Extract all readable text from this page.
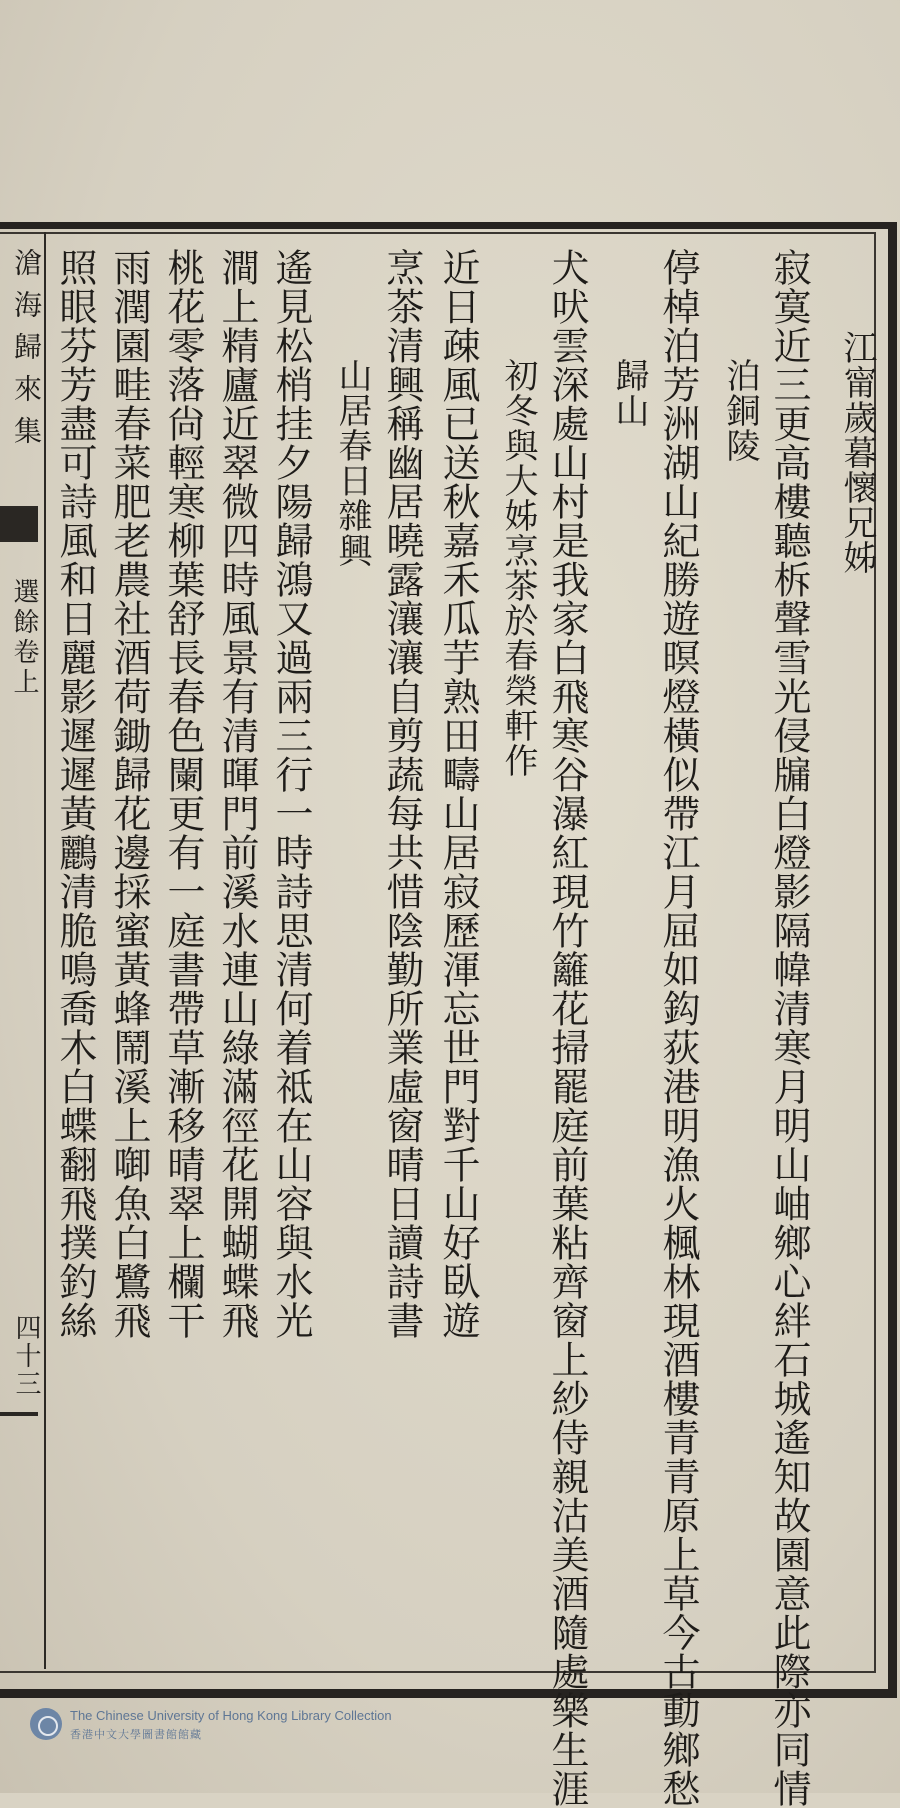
滄海歸來集
選餘卷上
四十三
江甯歲暮懷兄姊
寂寞近三更高樓聽柝聲雪光侵牖白燈影隔幃清寒月明山岫鄉心絆石城遙知故園意此際亦同情
泊銅陵
停棹泊芳洲湖山紀勝遊暝燈橫似帶江月屈如鈎荻港明漁火楓林現酒樓青青原上草今古動鄉愁
歸山
犬吠雲深處山村是我家白飛寒谷瀑紅現竹籬花掃罷庭前葉粘齊窗上紗侍親沽美酒隨處樂生涯
初冬與大姊烹茶於春榮軒作
近日疎風已送秋嘉禾瓜芋熟田疇山居寂歷渾忘世門對千山好臥遊
烹茶清興稱幽居曉露瀼瀼自剪蔬每共惜陰勤所業虛窗晴日讀詩書
山居春日雜興
遙見松梢挂夕陽歸鴻又過兩三行一時詩思清何着祗在山容與水光
澗上精廬近翠微四時風景有清暉門前溪水連山綠滿徑花開蝴蝶飛
桃花零落尙輕寒柳葉舒長春色闌更有一庭書帶草漸移晴翠上欄干
雨潤園畦春菜肥老農社酒荷鋤歸花邊採蜜黃蜂鬧溪上啣魚白鷺飛
照眼芬芳盡可詩風和日麗影遲遲黃鸝清脆鳴喬木白蝶翻飛撲釣絲
The Chinese University of Hong Kong Library Collection
香港中文大學圖書館館藏
